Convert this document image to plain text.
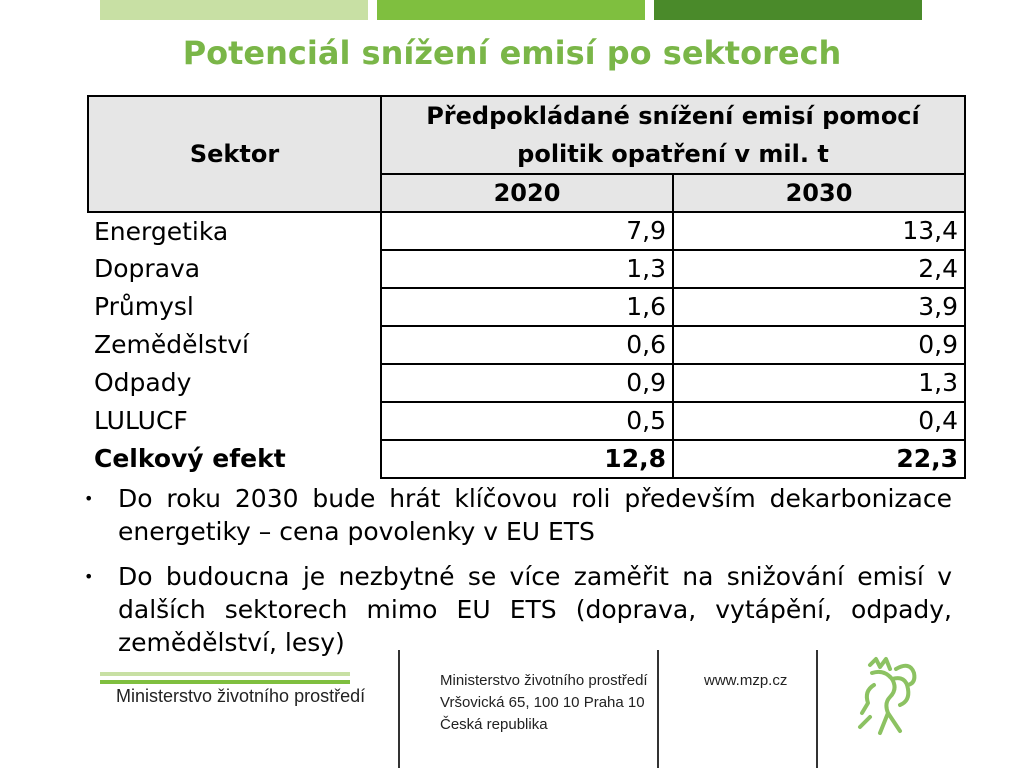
Potenciál snížení emisí po sektorech
Sektor	Předpokládané snížení emisí pomocí politik opatření v mil. t	
	2020	2030
Energetika	7,9	13,4
Doprava	1,3	2,4
Průmysl	1,6	3,9
Zemědělství	0,6	0,9
Odpady	0,9	1,3
LULUCF	0,5	0,4
Celkový efekt	12,8	22,3
• Do roku 2030 bude hrát klíčovou roli především dekarbonizace energetiky – cena povolenky v EU ETS
• Do budoucna je nezbytné se více zaměřit na snižování emisí v dalších sektorech mimo EU ETS (doprava, vytápění, odpady, zemědělství, lesy)
Ministerstvo životního prostředí
Ministerstvo životního prostředí
Vršovická 65, 100 10 Praha 10
Česká republika
www.mzp.cz
